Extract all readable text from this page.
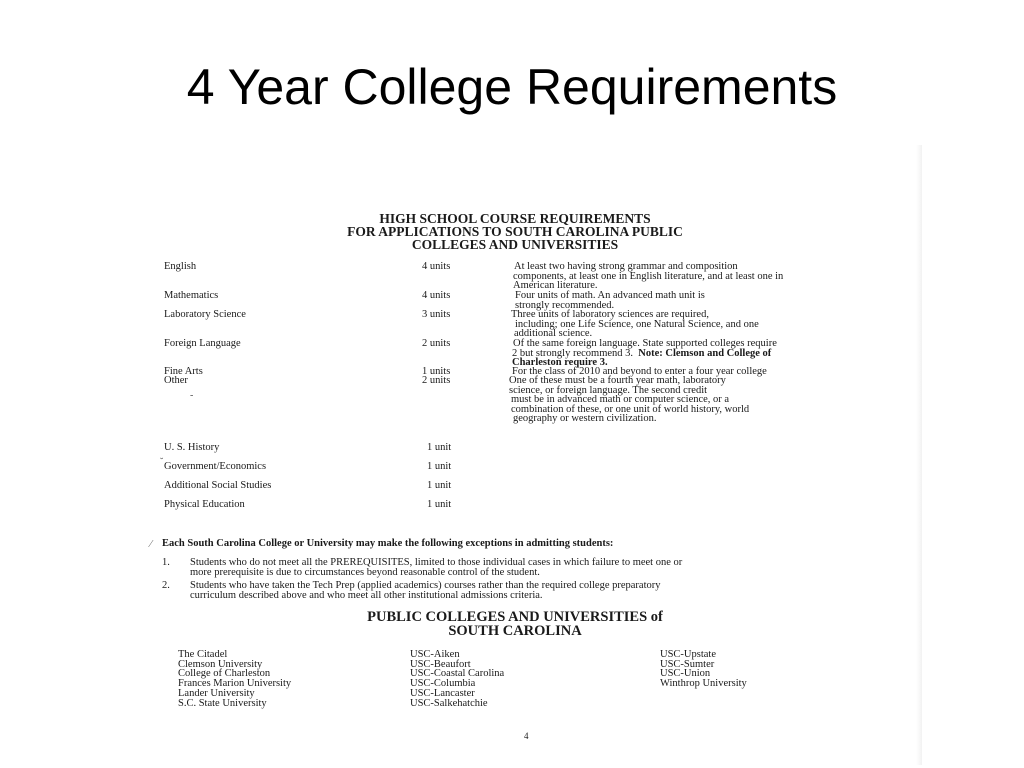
4 Year College Requirements
HIGH SCHOOL COURSE REQUIREMENTS
FOR APPLICATIONS TO SOUTH CAROLINA PUBLIC
COLLEGES AND UNIVERSITIES
English	4 units	At least two having strong grammar and composition
components, at least one in English literature, and at least one in
American literature.
Mathematics	4 units	Four units of math. An advanced math unit is
strongly recommended.
Laboratory Science	3 units	Three units of laboratory sciences are required,
including; one Life Science, one Natural Science, and one
additional science.
Foreign Language	2 units	Of the same foreign language. State supported colleges require
2 but strongly recommend 3. Note: Clemson and College of
Charleston require 3.
Fine Arts	1 units	For the class of 2010 and beyond to enter a four year college
Other	2 units	One of these must be a fourth year math, laboratory
science, or foreign language. The second credit
must be in advanced math or computer science, or a
combination of these, or one unit of world history, world
geography or western civilization.
-
U. S. History	1 unit
Government/Economics	1 unit
Additional Social Studies	1 unit
Physical Education	1 unit
˘
Each South Carolina College or University may make the following exceptions in admitting students:
⁄
1. Students who do not meet all the PREREQUISITES, limited to those individual cases in which failure to meet one or
more prerequisite is due to circumstances beyond reasonable control of the student.
2. Students who have taken the Tech Prep (applied academics) courses rather than the required college preparatory
curriculum described above and who meet all other institutional admissions criteria.
PUBLIC COLLEGES AND UNIVERSITIES of
SOUTH CAROLINA
The Citadel
Clemson University
College of Charleston
Frances Marion University
Lander University
S.C. State University
USC-Aiken
USC-Beaufort
USC-Coastal Carolina
USC-Columbia
USC-Lancaster
USC-Salkehatchie
USC-Upstate
USC-Sumter
USC-Union
Winthrop University
4
